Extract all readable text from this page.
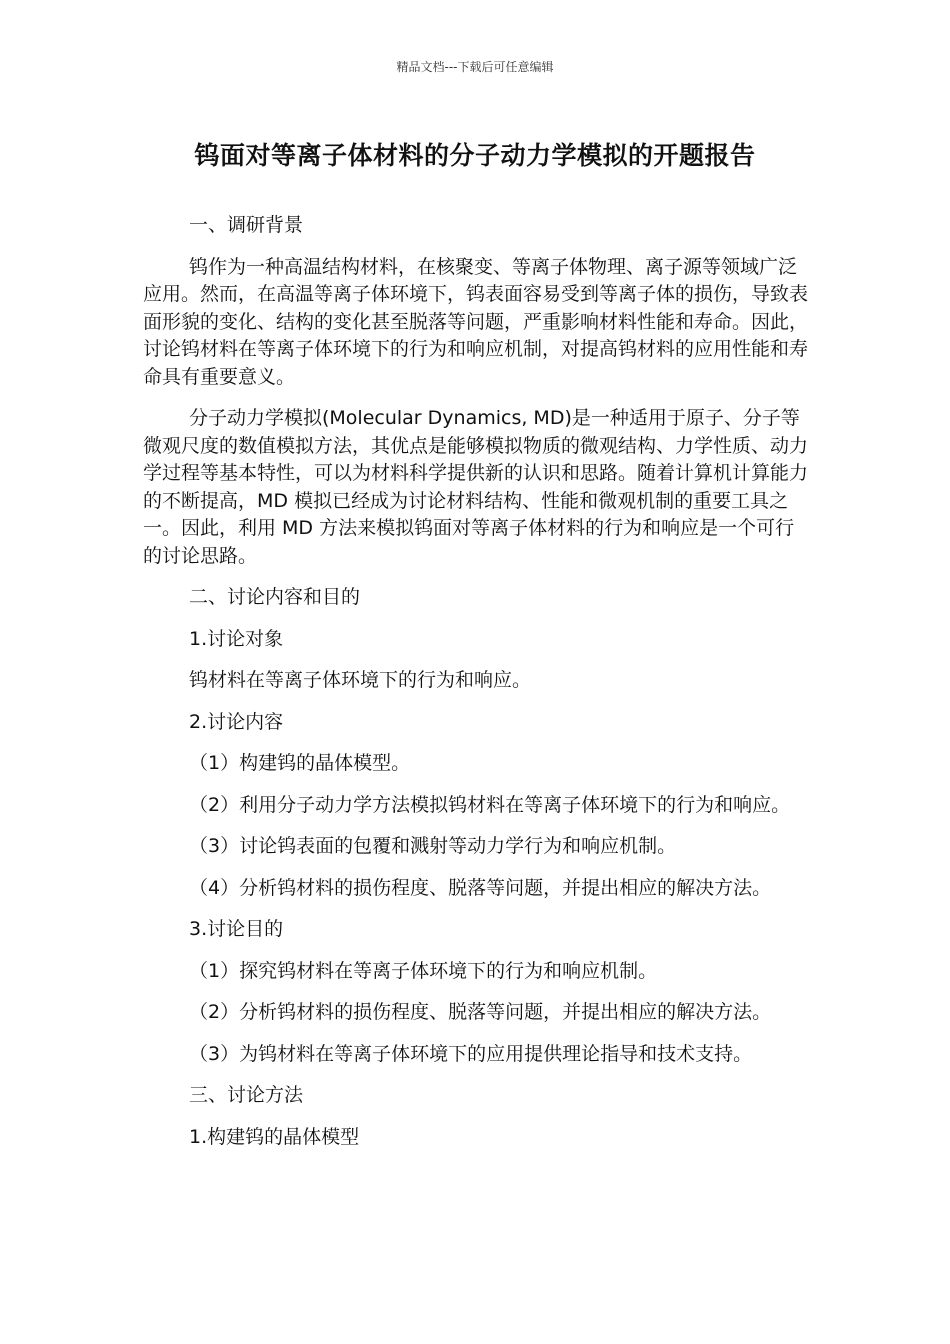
精品文档---下载后可任意编辑
钨面对等离子体材料的分子动力学模拟的开题报告

一、调研背景

钨作为一种高温结构材料，在核聚变、等离子体物理、离子源等领域广泛应用。然而，在高温等离子体环境下，钨表面容易受到等离子体的损伤，导致表面形貌的变化、结构的变化甚至脱落等问题，严重影响材料性能和寿命。因此，讨论钨材料在等离子体环境下的行为和响应机制，对提高钨材料的应用性能和寿命具有重要意义。

分子动力学模拟(Molecular Dynamics, MD)是一种适用于原子、分子等微观尺度的数值模拟方法，其优点是能够模拟物质的微观结构、力学性质、动力学过程等基本特性，可以为材料科学提供新的认识和思路。随着计算机计算能力的不断提高，MD 模拟已经成为讨论材料结构、性能和微观机制的重要工具之一。因此，利用 MD 方法来模拟钨面对等离子体材料的行为和响应是一个可行的讨论思路。

二、讨论内容和目的

1.讨论对象

钨材料在等离子体环境下的行为和响应。

2.讨论内容

（1）构建钨的晶体模型。

（2）利用分子动力学方法模拟钨材料在等离子体环境下的行为和响应。

（3）讨论钨表面的包覆和溅射等动力学行为和响应机制。

（4）分析钨材料的损伤程度、脱落等问题，并提出相应的解决方法。

3.讨论目的

（1）探究钨材料在等离子体环境下的行为和响应机制。

（2）分析钨材料的损伤程度、脱落等问题，并提出相应的解决方法。

（3）为钨材料在等离子体环境下的应用提供理论指导和技术支持。

三、讨论方法

1.构建钨的晶体模型
